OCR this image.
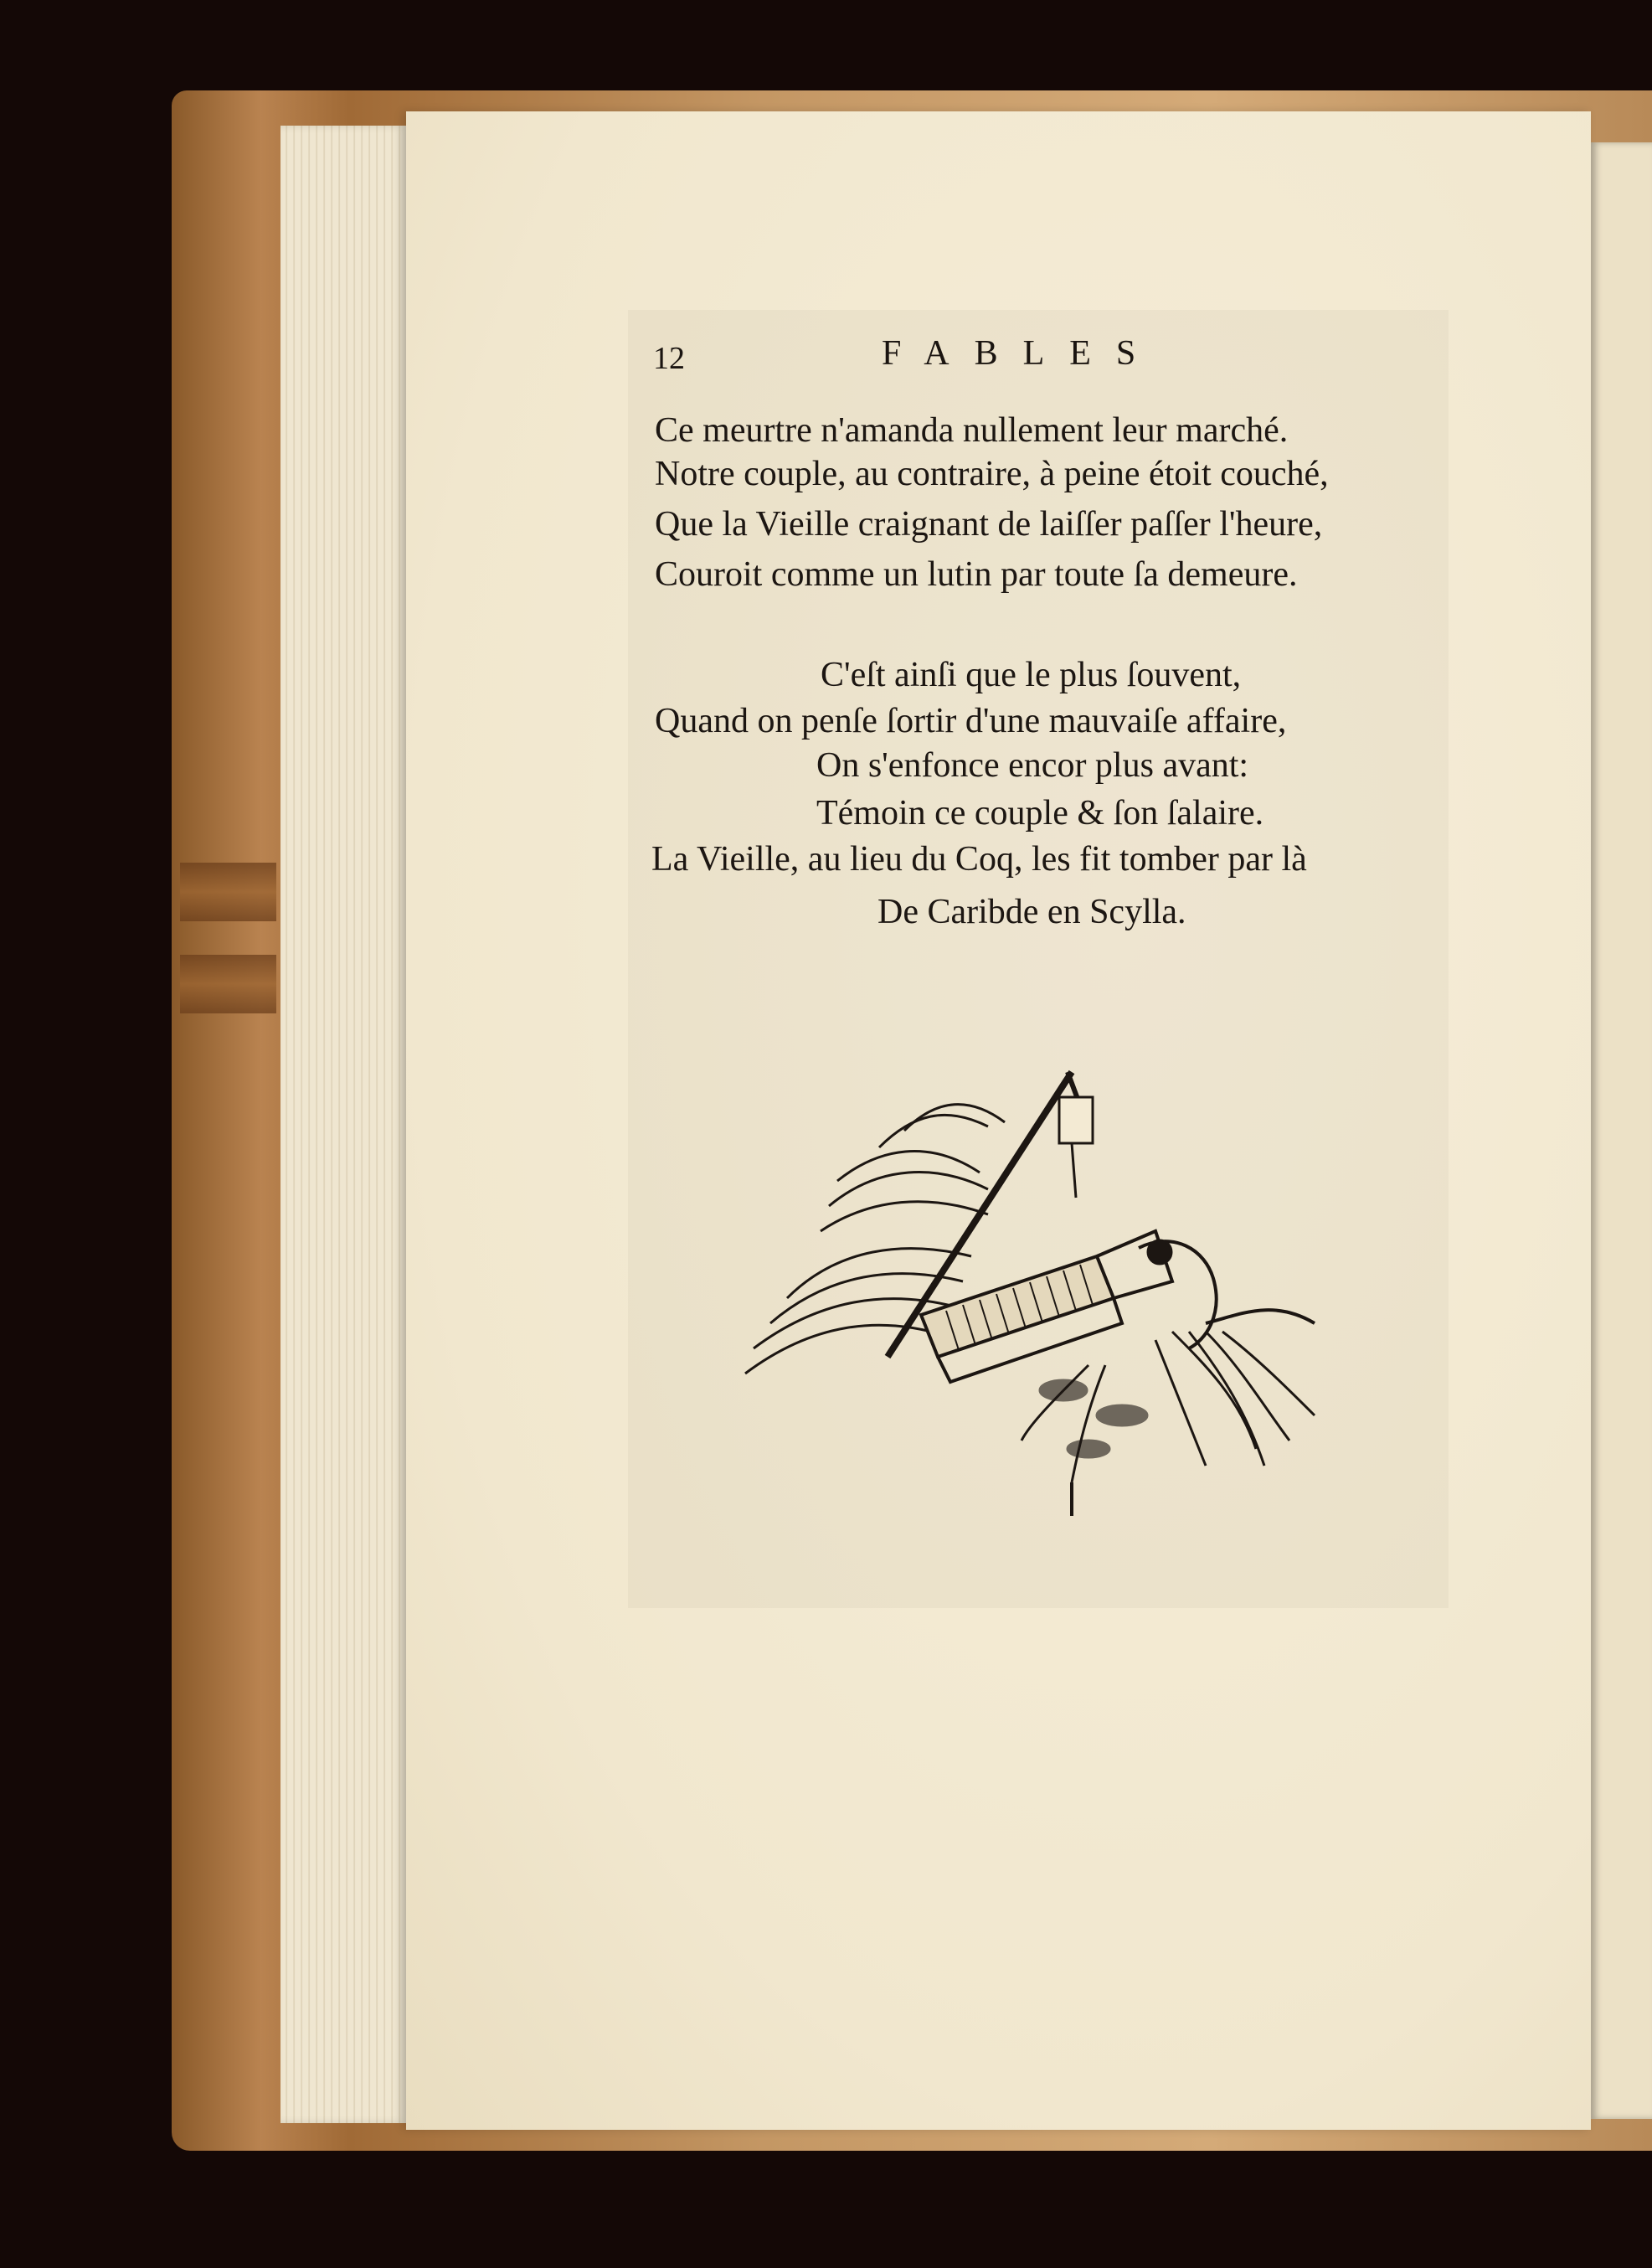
12	FABLES
Ce meurtre n'amanda nullement leur marché.
Notre couple, au contraire, à peine étoit couché,
Que la Vieille craignant de laiſſer paſſer l'heure,
Couroit comme un lutin par toute ſa demeure.
C'eſt ainſi que le plus ſouvent,
Quand on penſe ſortir d'une mauvaiſe affaire,
On s'enfonce encor plus avant:
Témoin ce couple & ſon ſalaire.
La Vieille, au lieu du Coq, les fit tomber par là
De Caribde en Scylla.
